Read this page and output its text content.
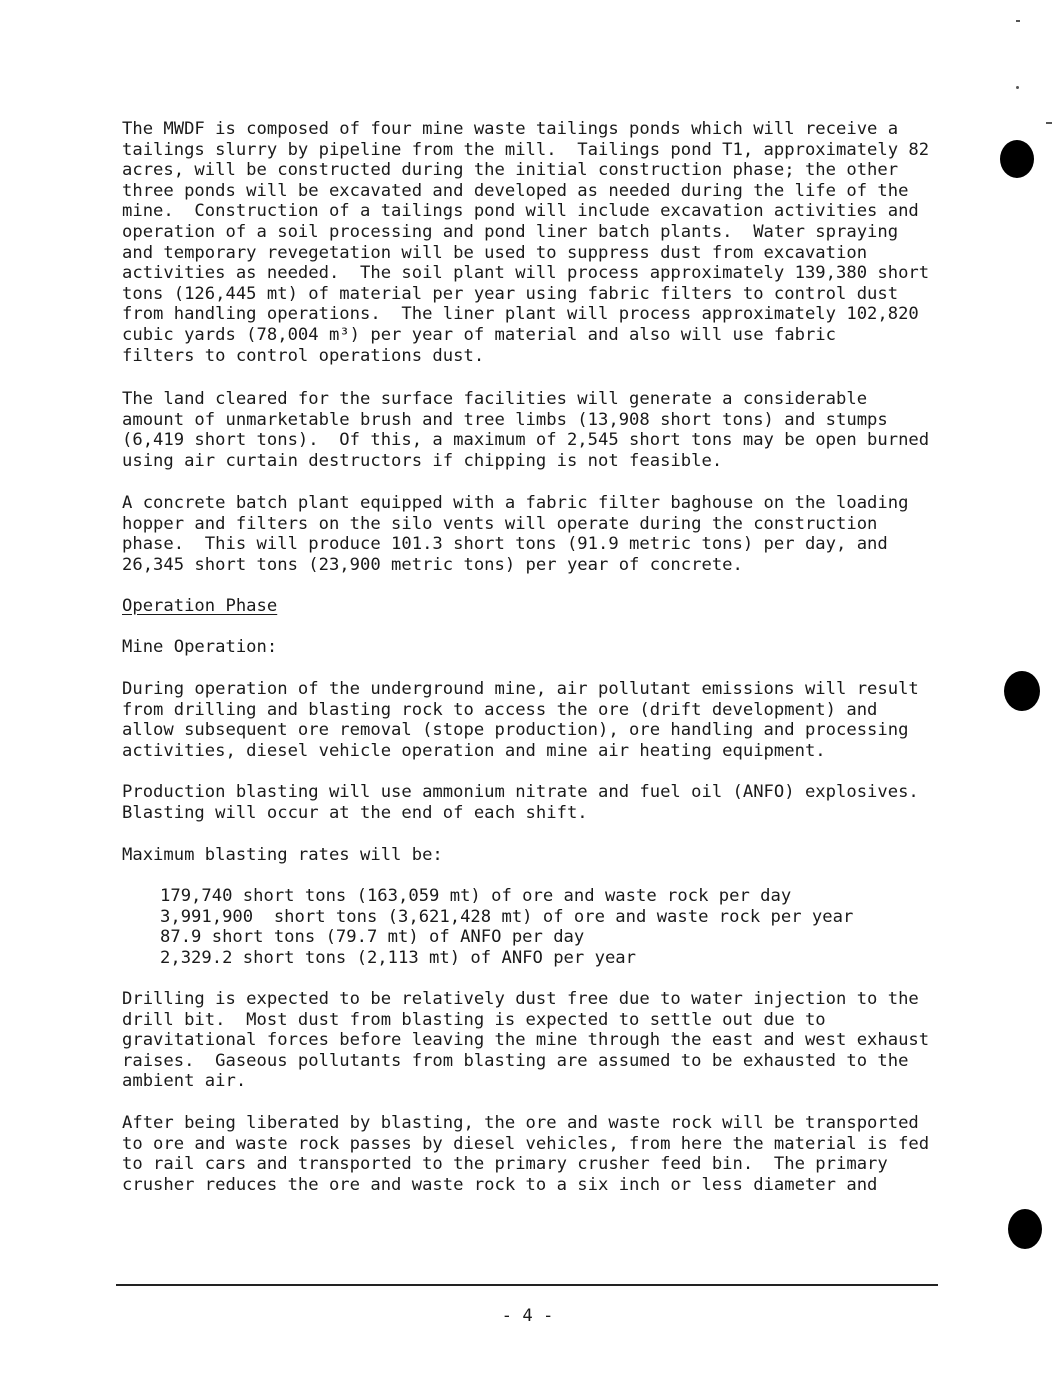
The MWDF is composed of four mine waste tailings ponds which will receive a
tailings slurry by pipeline from the mill.  Tailings pond T1, approximately 82
acres, will be constructed during the initial construction phase; the other
three ponds will be excavated and developed as needed during the life of the
mine.  Construction of a tailings pond will include excavation activities and
operation of a soil processing and pond liner batch plants.  Water spraying
and temporary revegetation will be used to suppress dust from excavation
activities as needed.  The soil plant will process approximately 139,380 short
tons (126,445 mt) of material per year using fabric filters to control dust
from handling operations.  The liner plant will process approximately 102,820
cubic yards (78,004 m³) per year of material and also will use fabric
filters to control operations dust.

The land cleared for the surface facilities will generate a considerable
amount of unmarketable brush and tree limbs (13,908 short tons) and stumps
(6,419 short tons).  Of this, a maximum of 2,545 short tons may be open burned
using air curtain destructors if chipping is not feasible.

A concrete batch plant equipped with a fabric filter baghouse on the loading
hopper and filters on the silo vents will operate during the construction
phase.  This will produce 101.3 short tons (91.9 metric tons) per day, and
26,345 short tons (23,900 metric tons) per year of concrete.

Operation Phase

Mine Operation:

During operation of the underground mine, air pollutant emissions will result
from drilling and blasting rock to access the ore (drift development) and
allow subsequent ore removal (stope production), ore handling and processing
activities, diesel vehicle operation and mine air heating equipment.

Production blasting will use ammonium nitrate and fuel oil (ANFO) explosives.
Blasting will occur at the end of each shift.

Maximum blasting rates will be:

179,740 short tons (163,059 mt) of ore and waste rock per day
3,991,900  short tons (3,621,428 mt) of ore and waste rock per year
87.9 short tons (79.7 mt) of ANFO per day
2,329.2 short tons (2,113 mt) of ANFO per year

Drilling is expected to be relatively dust free due to water injection to the
drill bit.  Most dust from blasting is expected to settle out due to
gravitational forces before leaving the mine through the east and west exhaust
raises.  Gaseous pollutants from blasting are assumed to be exhausted to the
ambient air.

After being liberated by blasting, the ore and waste rock will be transported
to ore and waste rock passes by diesel vehicles, from here the material is fed
to rail cars and transported to the primary crusher feed bin.  The primary
crusher reduces the ore and waste rock to a six inch or less diameter and

- 4 -
